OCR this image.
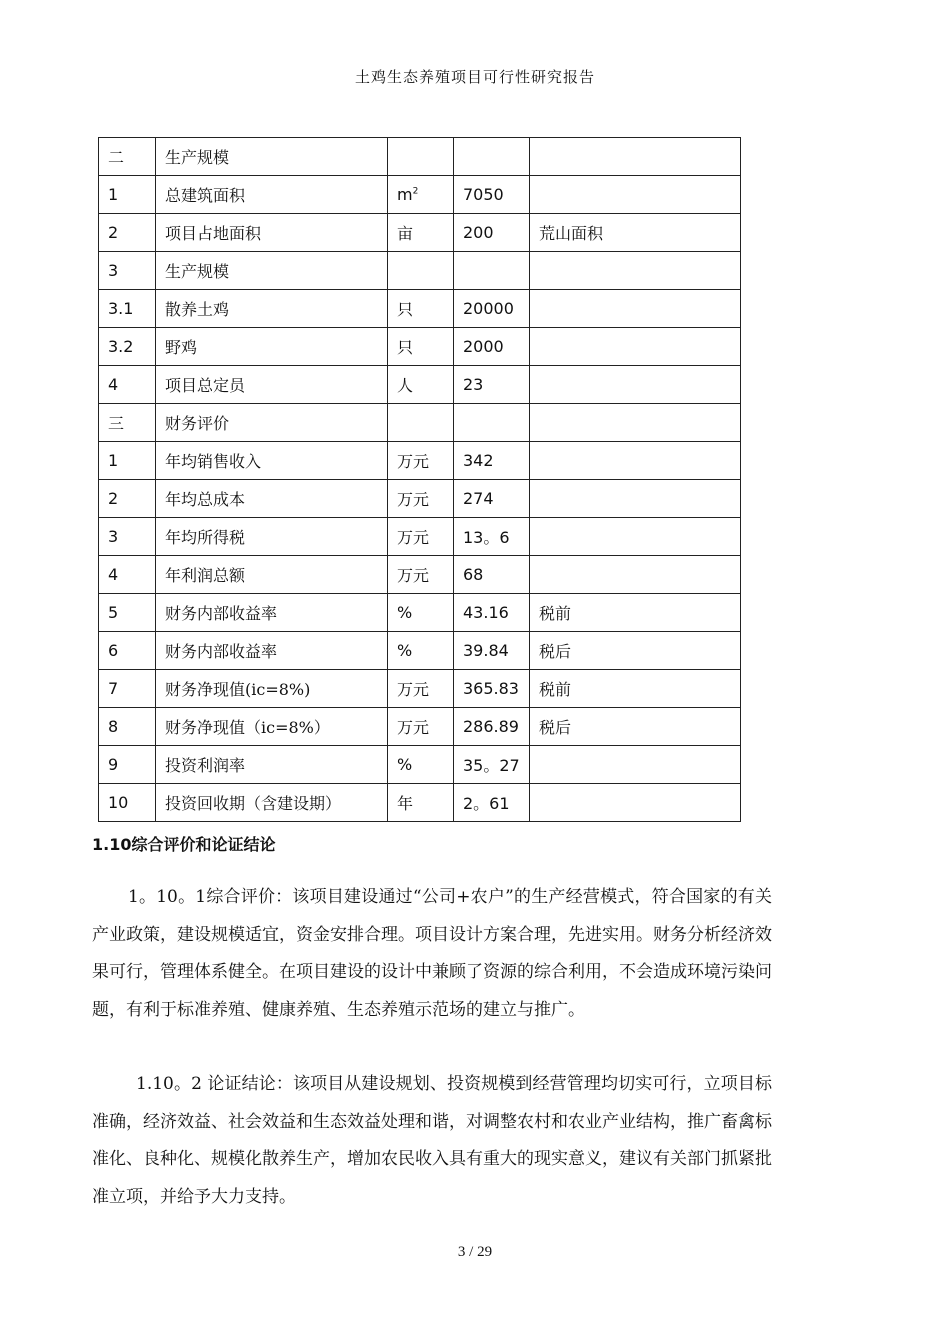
土鸡生态养殖项目可行性研究报告
二	生产规模			
1	总建筑面积	$m^2$	7050	
2	项目占地面积	亩	200	荒山面积
3	生产规模			
3.1	散养土鸡	只	20000	
3.2	野鸡	只	2000	
4	项目总定员	人	23	
三	财务评价			
1	年均销售收入	万元	342	
2	年均总成本	万元	274	
3	年均所得税	万元	13。6	
4	年利润总额	万元	68	
5	财务内部收益率	%	43.16	税前
6	财务内部收益率	%	39.84	税后
7	财务净现值(ic=8%)	万元	365.83	税前
8	财务净现值（ic=8%）	万元	286.89	税后
9	投资利润率	%	35。27	
10	投资回收期（含建设期）	年	2。61	
1.10综合评价和论证结论

1。10。1综合评价：该项目建设通过“公司+农户”的生产经营模式，符合国家的有关产业政策，建设规模适宜，资金安排合理。项目设计方案合理，先进实用。财务分析经济效果可行，管理体系健全。在项目建设的设计中兼顾了资源的综合利用，不会造成环境污染问题，有利于标准养殖、健康养殖、生态养殖示范场的建立与推广。

1.10。2 论证结论：该项目从建设规划、投资规模到经营管理均切实可行，立项目标准确，经济效益、社会效益和生态效益处理和谐，对调整农村和农业产业结构，推广畜禽标准化、良种化、规模化散养生产，增加农民收入具有重大的现实意义，建议有关部门抓紧批准立项，并给予大力支持。

3 / 29
